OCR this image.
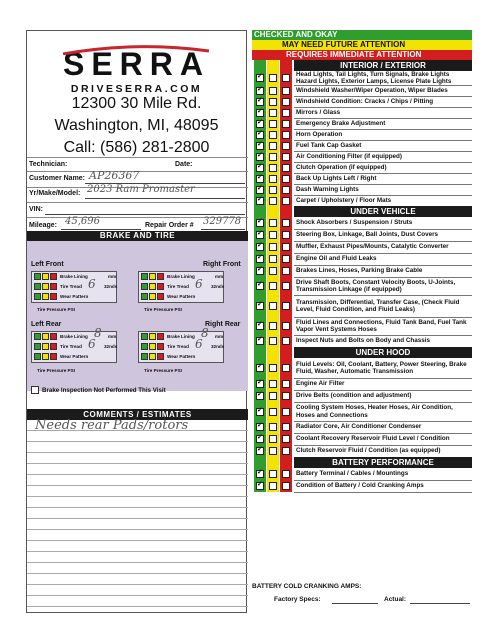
SERRA
DRIVESERRA.COM
12300 30 Mile Rd.
Washington, MI, 48095
Call: (586) 281-2800
Technician:	Date:
Customer Name: AP26367
Yr/Make/Model: 2023 Ram Promaster
VIN:
Mileage: 45,696	Repair Order # 329778
BRAKE AND TIRE
Left Front	Right Front
Brake Lining	mm
Tire Tread 6 32nds
Wear Pattern
Tire Pressure PSI
Brake Lining	mm
Tire Tread 6 32nds
Wear Pattern
Tire Pressure PSI
Left Rear	Right Rear
Brake Lining 8 mm
Tire Tread 6 32nds
Wear Pattern
Tire Pressure PSI
Brake Lining 8 mm
Tire Tread 6 32nds
Wear Pattern
Tire Pressure PSI
Brake Inspection Not Performed This Visit
COMMENTS / ESTIMATES
Needs rear Pads/rotors
CHECKED AND OKAY
MAY NEED FUTURE ATTENTION
REQUIRES IMMEDIATE ATTENTION
INTERIOR / EXTERIOR
Head Lights, Tail Lights, Turn Signals, Brake Lights Hazard Lights, Exterior Lamps, License Plate Lights
✓
Windshield Washer/Wiper Operation, Wiper Blades
✓
Windshield Condition: Cracks / Chips / Pitting
✓
Mirrors / Glass
✓
Emergency Brake Adjustment
✓
Horn Operation
✓
Fuel Tank Cap Gasket
✓
Air Conditioning Filter (if equipped)
✓
Clutch Operation (if equipped)
✓
Back Up Lights Left / Right
✓
Dash Warning Lights
✓
Carpet / Upholstery / Floor Mats
✓
UNDER VEHICLE
Shock Absorbers / Suspension / Struts
✓
Steering Box, Linkage, Ball Joints, Dust Covers
✓
Muffler, Exhaust Pipes/Mounts, Catalytic Converter
✓
Engine Oil and Fluid Leaks
✓
Brakes Lines, Hoses, Parking Brake Cable
✓
Drive Shaft Boots, Constant Velocity Boots, U-Joints, Transmission Linkage (if equipped)
✓
Transmission, Differential, Transfer Case, (Check Fluid Level, Fluid Condition, and Fluid Leaks)
✓
Fluid Lines and Connections, Fluid Tank Band, Fuel Tank Vapor Vent Systems Hoses
✓
Inspect Nuts and Bolts on Body and Chassis
✓
UNDER HOOD
Fluid Levels: Oil, Coolant, Battery, Power Steering, Brake Fluid, Washer, Automatic Transmission
✓
Engine Air Filter
✓
Drive Belts (condition and adjustment)
✓
Cooling System Hoses, Heater Hoses, Air Condition, Hoses and Connections
✓
Radiator Core, Air Conditioner Condenser
✓
Coolant Recovery Reservoir Fluid Level / Condition
✓
Clutch Reservoir Fluid / Condition (as equipped)
✓
BATTERY PERFORMANCE
Battery Terminal / Cables / Mountings
✓
Condition of Battery / Cold Cranking Amps
✓
BATTERY COLD CRANKING AMPS:
Factory Specs:	Actual:
